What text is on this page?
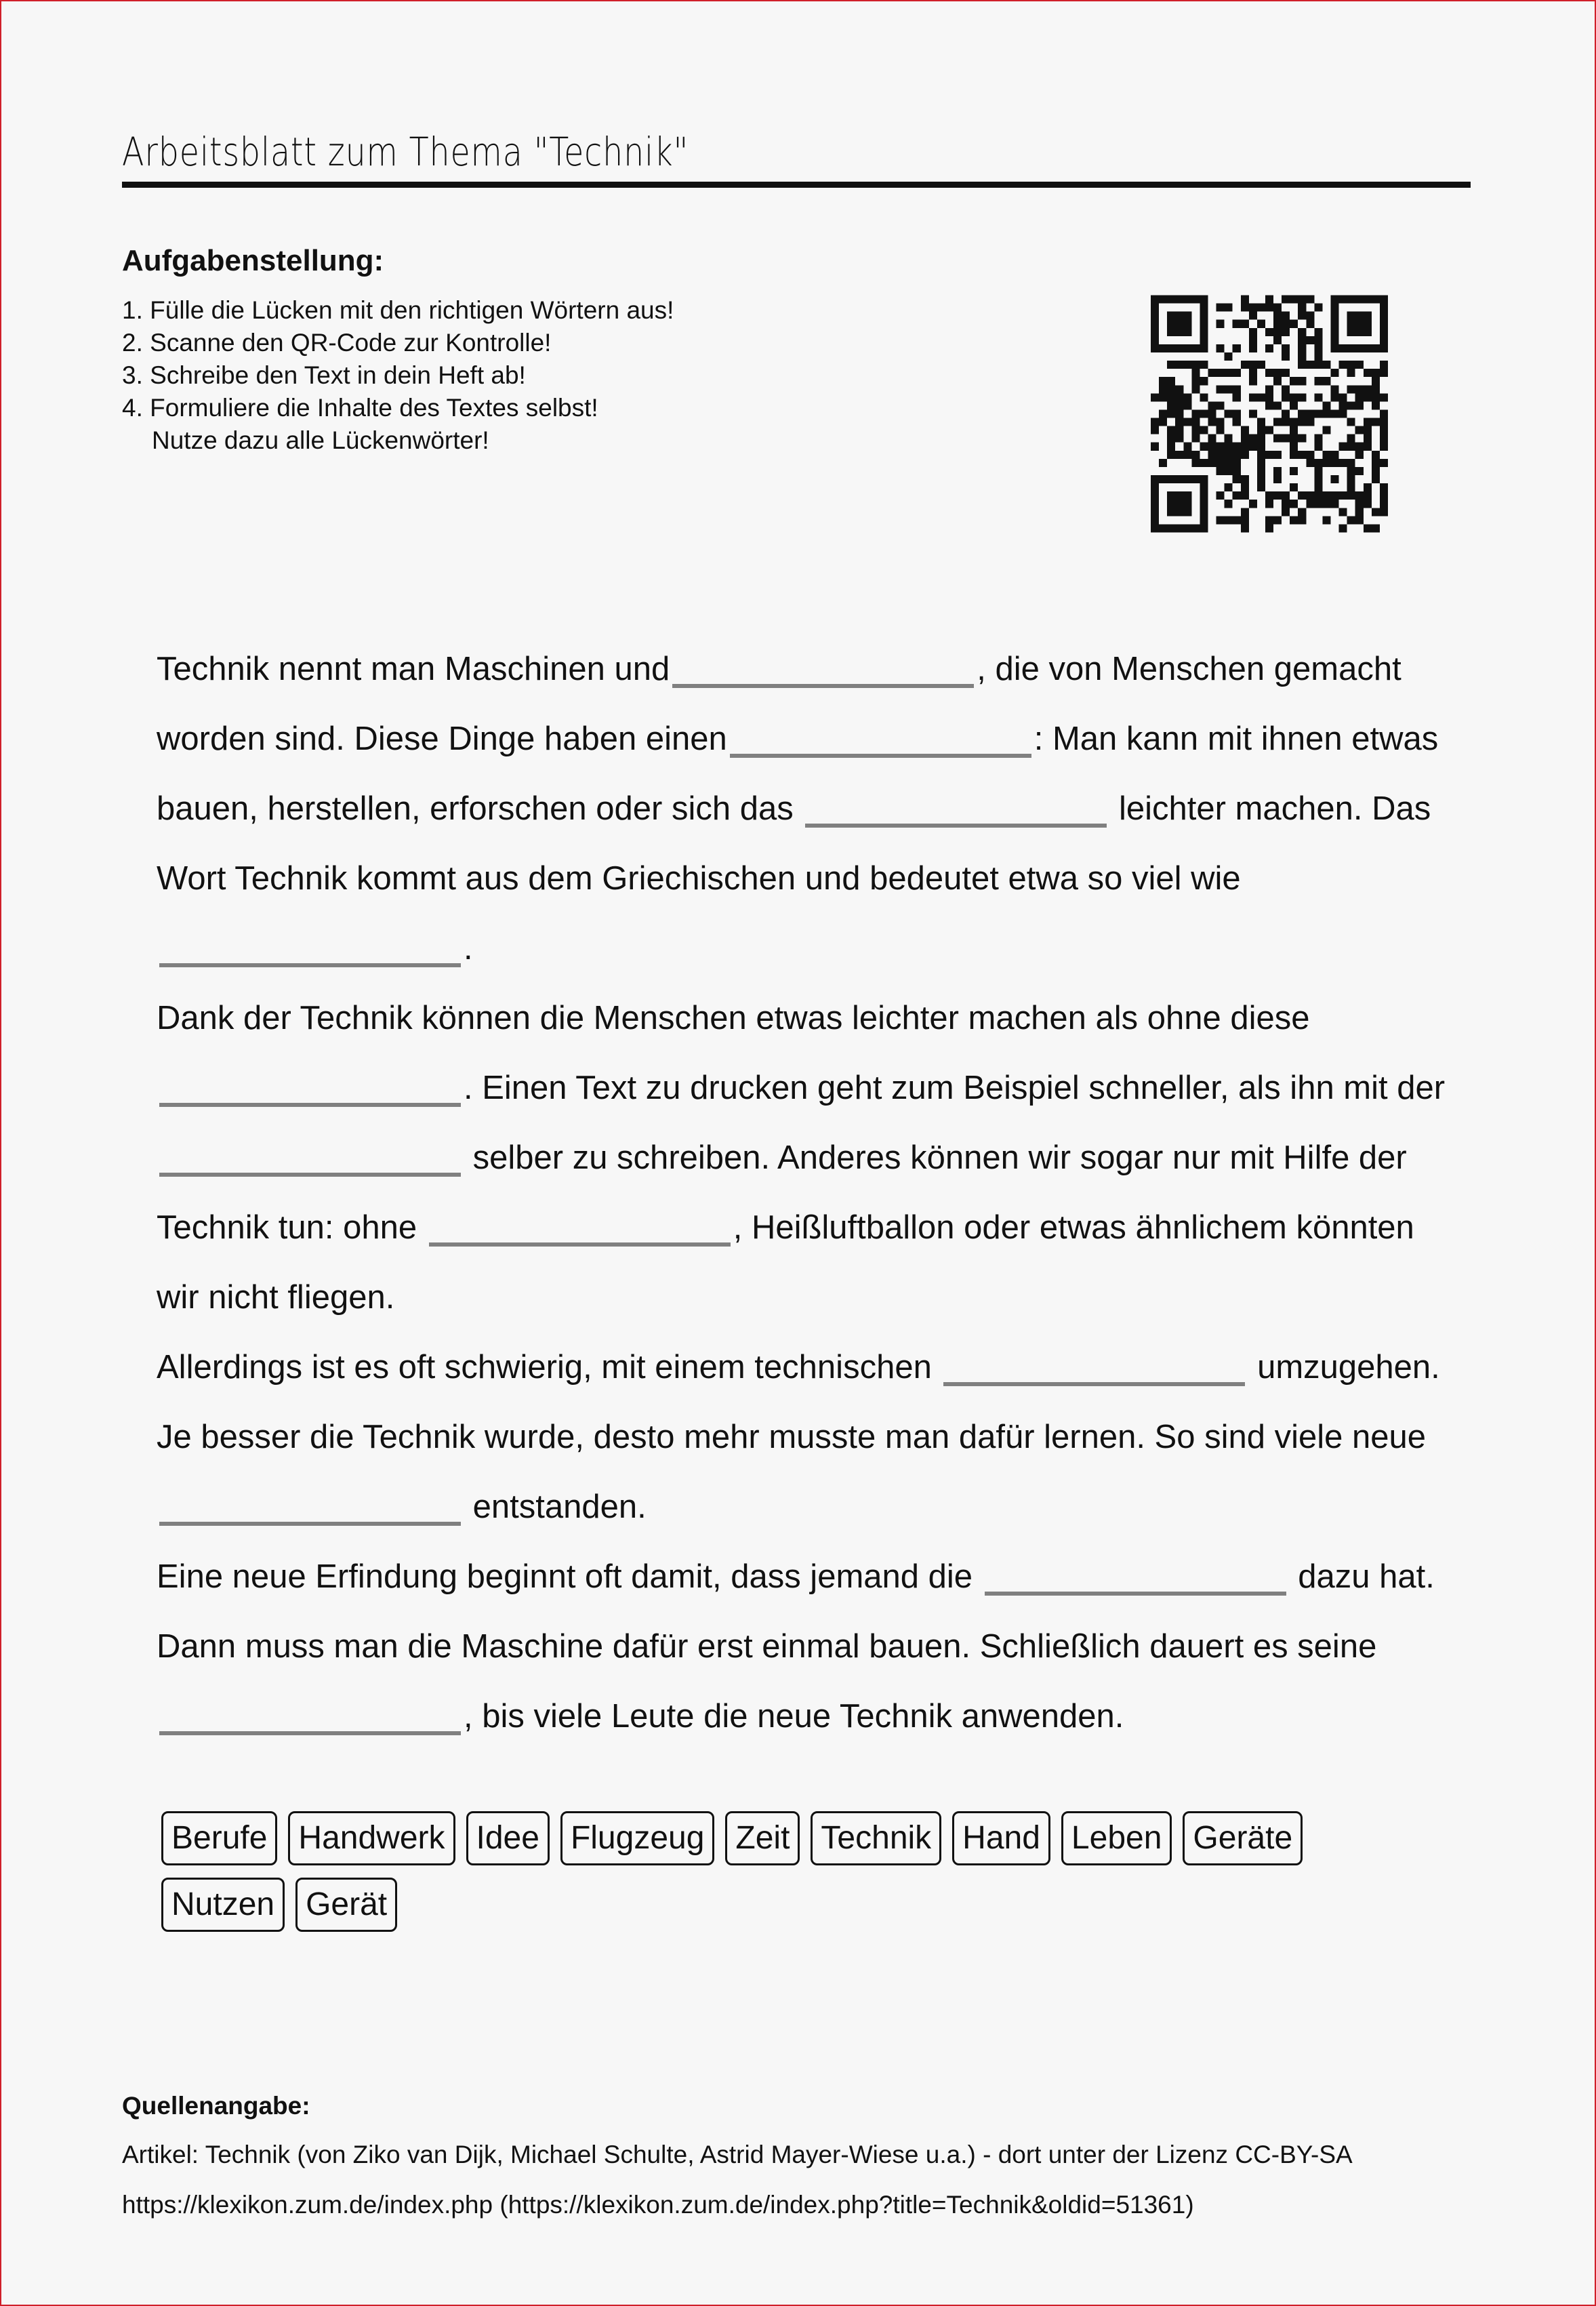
Arbeitsblatt zum Thema "Technik"
Aufgabenstellung:
1. Fülle die Lücken mit den richtigen Wörtern aus!
2. Scanne den QR-Code zur Kontrolle!
3. Schreibe den Text in dein Heft ab!
4. Formuliere die Inhalte des Textes selbst!
Nutze dazu alle Lückenwörter!

Technik nennt man Maschinen und	, die von Menschen gemacht worden sind. Diese Dinge haben einen	: Man kann mit ihnen etwas bauen, herstellen, erforschen oder sich das	leichter machen. Das Wort Technik kommt aus dem Griechischen und bedeutet etwa so viel wie .

Dank der Technik können die Menschen etwas leichter machen als ohne diese . Einen Text zu drucken geht zum Beispiel schneller, als ihn mit der  selber zu schreiben. Anderes können wir sogar nur mit Hilfe der Technik tun: ohne	, Heißluftballon oder etwas ähnlichem könnten wir nicht fliegen.

Allerdings ist es oft schwierig, mit einem technischen	umzugehen. Je besser die Technik wurde, desto mehr musste man dafür lernen. So sind viele neue  entstanden.

Eine neue Erfindung beginnt oft damit, dass jemand die	dazu hat. Dann muss man die Maschine dafür erst einmal bauen. Schließlich dauert es seine , bis viele Leute die neue Technik anwenden.

Berufe Handwerk Idee Flugzeug Zeit Technik Hand Leben Geräte
Nutzen Gerät
Quellenangabe:
Artikel: Technik (von Ziko van Dijk, Michael Schulte, Astrid Mayer-Wiese u.a.) - dort unter der Lizenz CC-BY-SA
https://klexikon.zum.de/index.php (https://klexikon.zum.de/index.php?title=Technik&oldid=51361)
